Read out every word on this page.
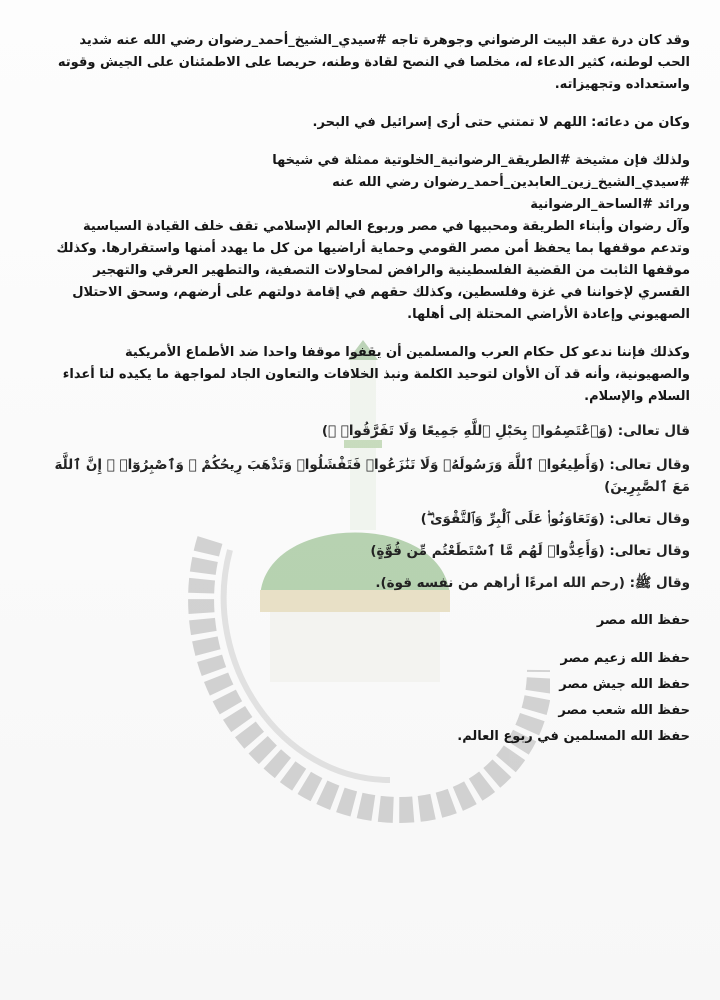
وقد كان درة عقد البيت الرضواني وجوهرة تاجه #سيدي_الشيخ_أحمد_رضوان رضي الله عنه شديد الحب لوطنه، كثير الدعاء له، مخلصا في النصح لقادة وطنه، حريصا على الاطمئنان على الجيش وقوته واستعداده وتجهيزاته.

وكان من دعائه: اللهم لا تمتني حتى أرى إسرائيل في البحر.

ولذلك فإن مشيخة #الطريقة_الرضوانية_الخلوتية ممثلة في شيخها

#سيدي_الشيخ_زين_العابدين_أحمد_رضوان رضي الله عنه

ورائد #الساحة_الرضوانية

وآل رضوان وأبناء الطريقة ومحبيها في مصر وربوع العالم الإسلامي تقف خلف القيادة السياسية وتدعم موقفها بما يحفظ أمن مصر القومي وحماية أراضيها من كل ما يهدد أمنها واستقرارها. وكذلك موقفها الثابت من القضية الفلسطينية والرافض لمحاولات التصفية، والتطهير العرقي والتهجير القسري لإخواننا في غزة وفلسطين، وكذلك حقهم في إقامة دولتهم على أرضهم، وسحق الاحتلال الصهيوني وإعادة الأراضي المحتلة إلى أهلها.

وكذلك فإننا ندعو كل حكام العرب والمسلمين أن يقفوا موقفا واحدا ضد الأطماع الأمريكية والصهيونية، وأنه قد آن الأوان لتوحيد الكلمة ونبذ الخلافات والتعاون الجاد لمواجهة ما يكيده لنا أعداء السلام والإسلام.

قال تعالى: (وَٱعْتَصِمُوا۟ بِحَبْلِ ٱللَّهِ جَمِيعًا وَلَا تَفَرَّقُوا۟ ۚ)

وقال تعالى: (وَأَطِيعُوا۟ ٱللَّهَ وَرَسُولَهُۥ وَلَا تَنَٰزَعُوا۟ فَتَفْشَلُوا۟ وَتَذْهَبَ رِيحُكُمْ ۖ وَٱصْبِرُوٓا۟ ۚ إِنَّ ٱللَّهَ مَعَ ٱلصَّٰبِرِينَ)

وقال تعالى: (وَتَعَاوَنُوا۟ عَلَى ٱلْبِرِّ وَٱلتَّقْوَىٰ ۖ)

وقال تعالى: (وَأَعِدُّوا۟ لَهُم مَّا ٱسْتَطَعْتُم مِّن قُوَّةٍ)

وقال ﷺ: (رحم الله امرءًا أراهم من نفسه قوة).

حفظ الله مصر

حفظ الله زعيم مصر

حفظ الله جيش مصر

حفظ الله شعب مصر

حفظ الله المسلمين في ربوع العالم.
